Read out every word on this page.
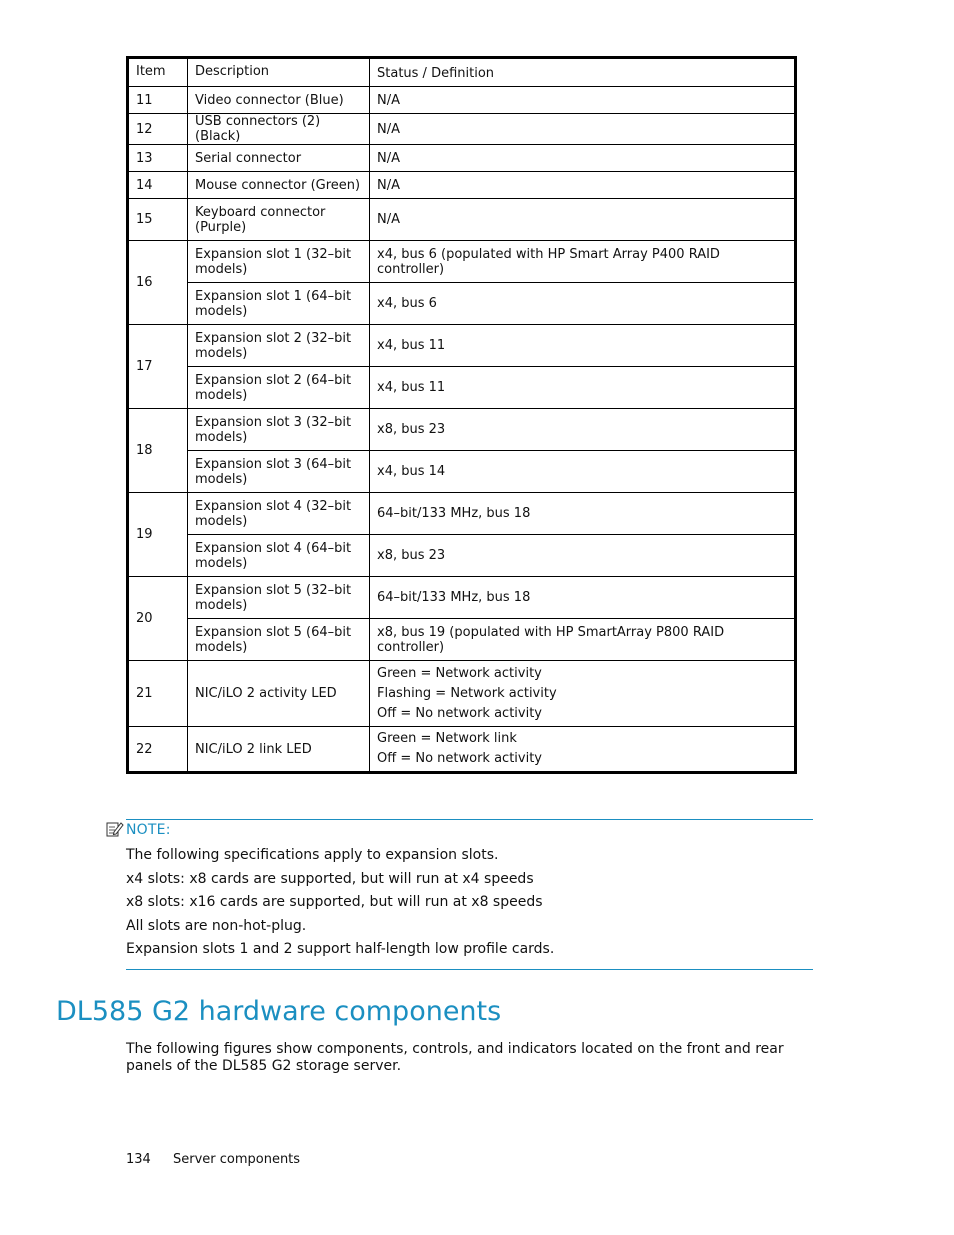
Item	Description	Status / Definition
11	Video connector (Blue)	N/A
12	USB connectors (2) (Black)	N/A
13	Serial connector	N/A
14	Mouse connector (Green)	N/A
15	Keyboard connector (Purple)	N/A
16	Expansion slot 1 (32–bit models)	x4, bus 6 (populated with HP Smart Array P400 RAID controller)
	Expansion slot 1 (64–bit models)	x4, bus 6
17	Expansion slot 2 (32–bit models)	x4, bus 11
	Expansion slot 2 (64–bit models)	x4, bus 11
18	Expansion slot 3 (32–bit models)	x8, bus 23
	Expansion slot 3 (64–bit models)	x4, bus 14
19	Expansion slot 4 (32–bit models)	64–bit/133 MHz, bus 18
	Expansion slot 4 (64–bit models)	x8, bus 23
20	Expansion slot 5 (32–bit models)	64–bit/133 MHz, bus 18
	Expansion slot 5 (64–bit models)	x8, bus 19 (populated with HP SmartArray P800 RAID controller)
21	NIC/iLO 2 activity LED	Green = Network activity
Flashing = Network activity
Off = No network activity

22	NIC/iLO 2 link LED	Green = Network link
Off = No network activity
NOTE:
The following specifications apply to expansion slots.
x4 slots: x8 cards are supported, but will run at x4 speeds
x8 slots: x16 cards are supported, but will run at x8 speeds
All slots are non-hot-plug.
Expansion slots 1 and 2 support half-length low profile cards.
DL585 G2 hardware components

The following figures show components, controls, and indicators located on the front and rear panels of the DL585 G2 storage server.

134 Server components
